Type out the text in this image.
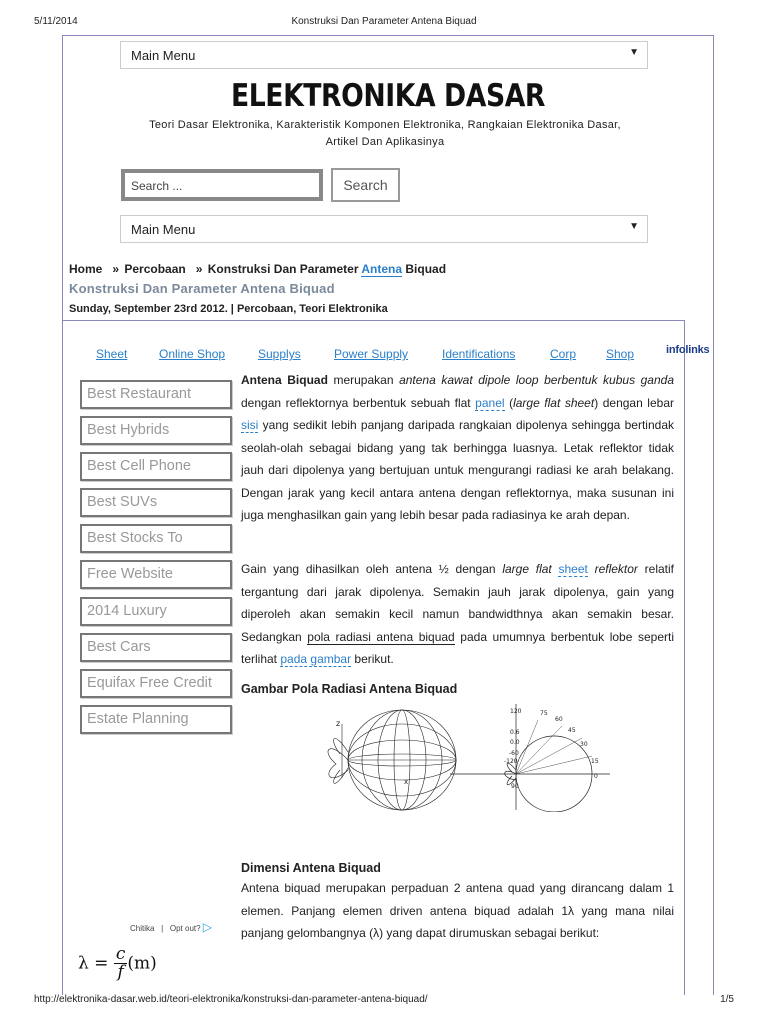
5/11/2014	Konstruksi Dan Parameter Antena Biquad
Main Menu	▼
ELEKTRONIKA DASAR
Teori Dasar Elektronika, Karakteristik Komponen Elektronika, Rangkaian Elektronika Dasar, Artikel Dan Aplikasinya
Search ...	Search
Main Menu	▼
Home » Percobaan » Konstruksi Dan Parameter Antena Biquad
Konstruksi Dan Parameter Antena Biquad
Sunday, September 23rd 2012. | Percobaan, Teori Elektronika
Sheet	Online Shop	Supplys	Power Supply	Identifications	Corp Shop	infolinks
Best Restaurant
Best Hybrids
Best Cell Phone
Best SUVs
Best Stocks To
Free Website
2014 Luxury
Best Cars
Equifax Free Credit
Estate Planning
Antena Biquad merupakan antena kawat dipole loop berbentuk kubus ganda dengan reflektornya berbentuk sebuah flat panel (large flat sheet) dengan lebar sisi yang sedikit lebih panjang daripada rangkaian dipolenya sehingga bertindak seolah-olah sebagai bidang yang tak berhingga luasnya. Letak reflektor tidak jauh dari dipolenya yang bertujuan untuk mengurangi radiasi ke arah belakang. Dengan jarak yang kecil antara antena dengan reflektornya, maka susunan ini juga menghasilkan gain yang lebih besar pada radiasinya ke arah depan.
Gain yang dihasilkan oleh antena ½ dengan large flat sheet reflektor relatif tergantung dari jarak dipolenya. Semakin jauh jarak dipolenya, gain yang diperoleh akan semakin kecil namun bandwidthnya akan semakin besar. Sedangkan pola radiasi antena biquad pada umumnya berbentuk lobe seperti terlihat pada gambar berikut.
Gambar Pola Radiasi Antena Biquad
z
x
120	75
60
45
0.6
30
0.0
-60
15
-120
90
0
Dimensi Antena Biquad
Antena biquad merupakan perpaduan 2 antena quad yang dirancang dalam 1 elemen. Panjang elemen driven antena biquad adalah 1λ yang mana nilai panjang gelombangnya (λ) yang dapat dirumuskan sebagai berikut:
Chitika | Opt out? ▷
$\lambda = \frac{c}{f} (m)$
http://elektronika-dasar.web.id/teori-elektronika/konstruksi-dan-parameter-antena-biquad/	1/5
